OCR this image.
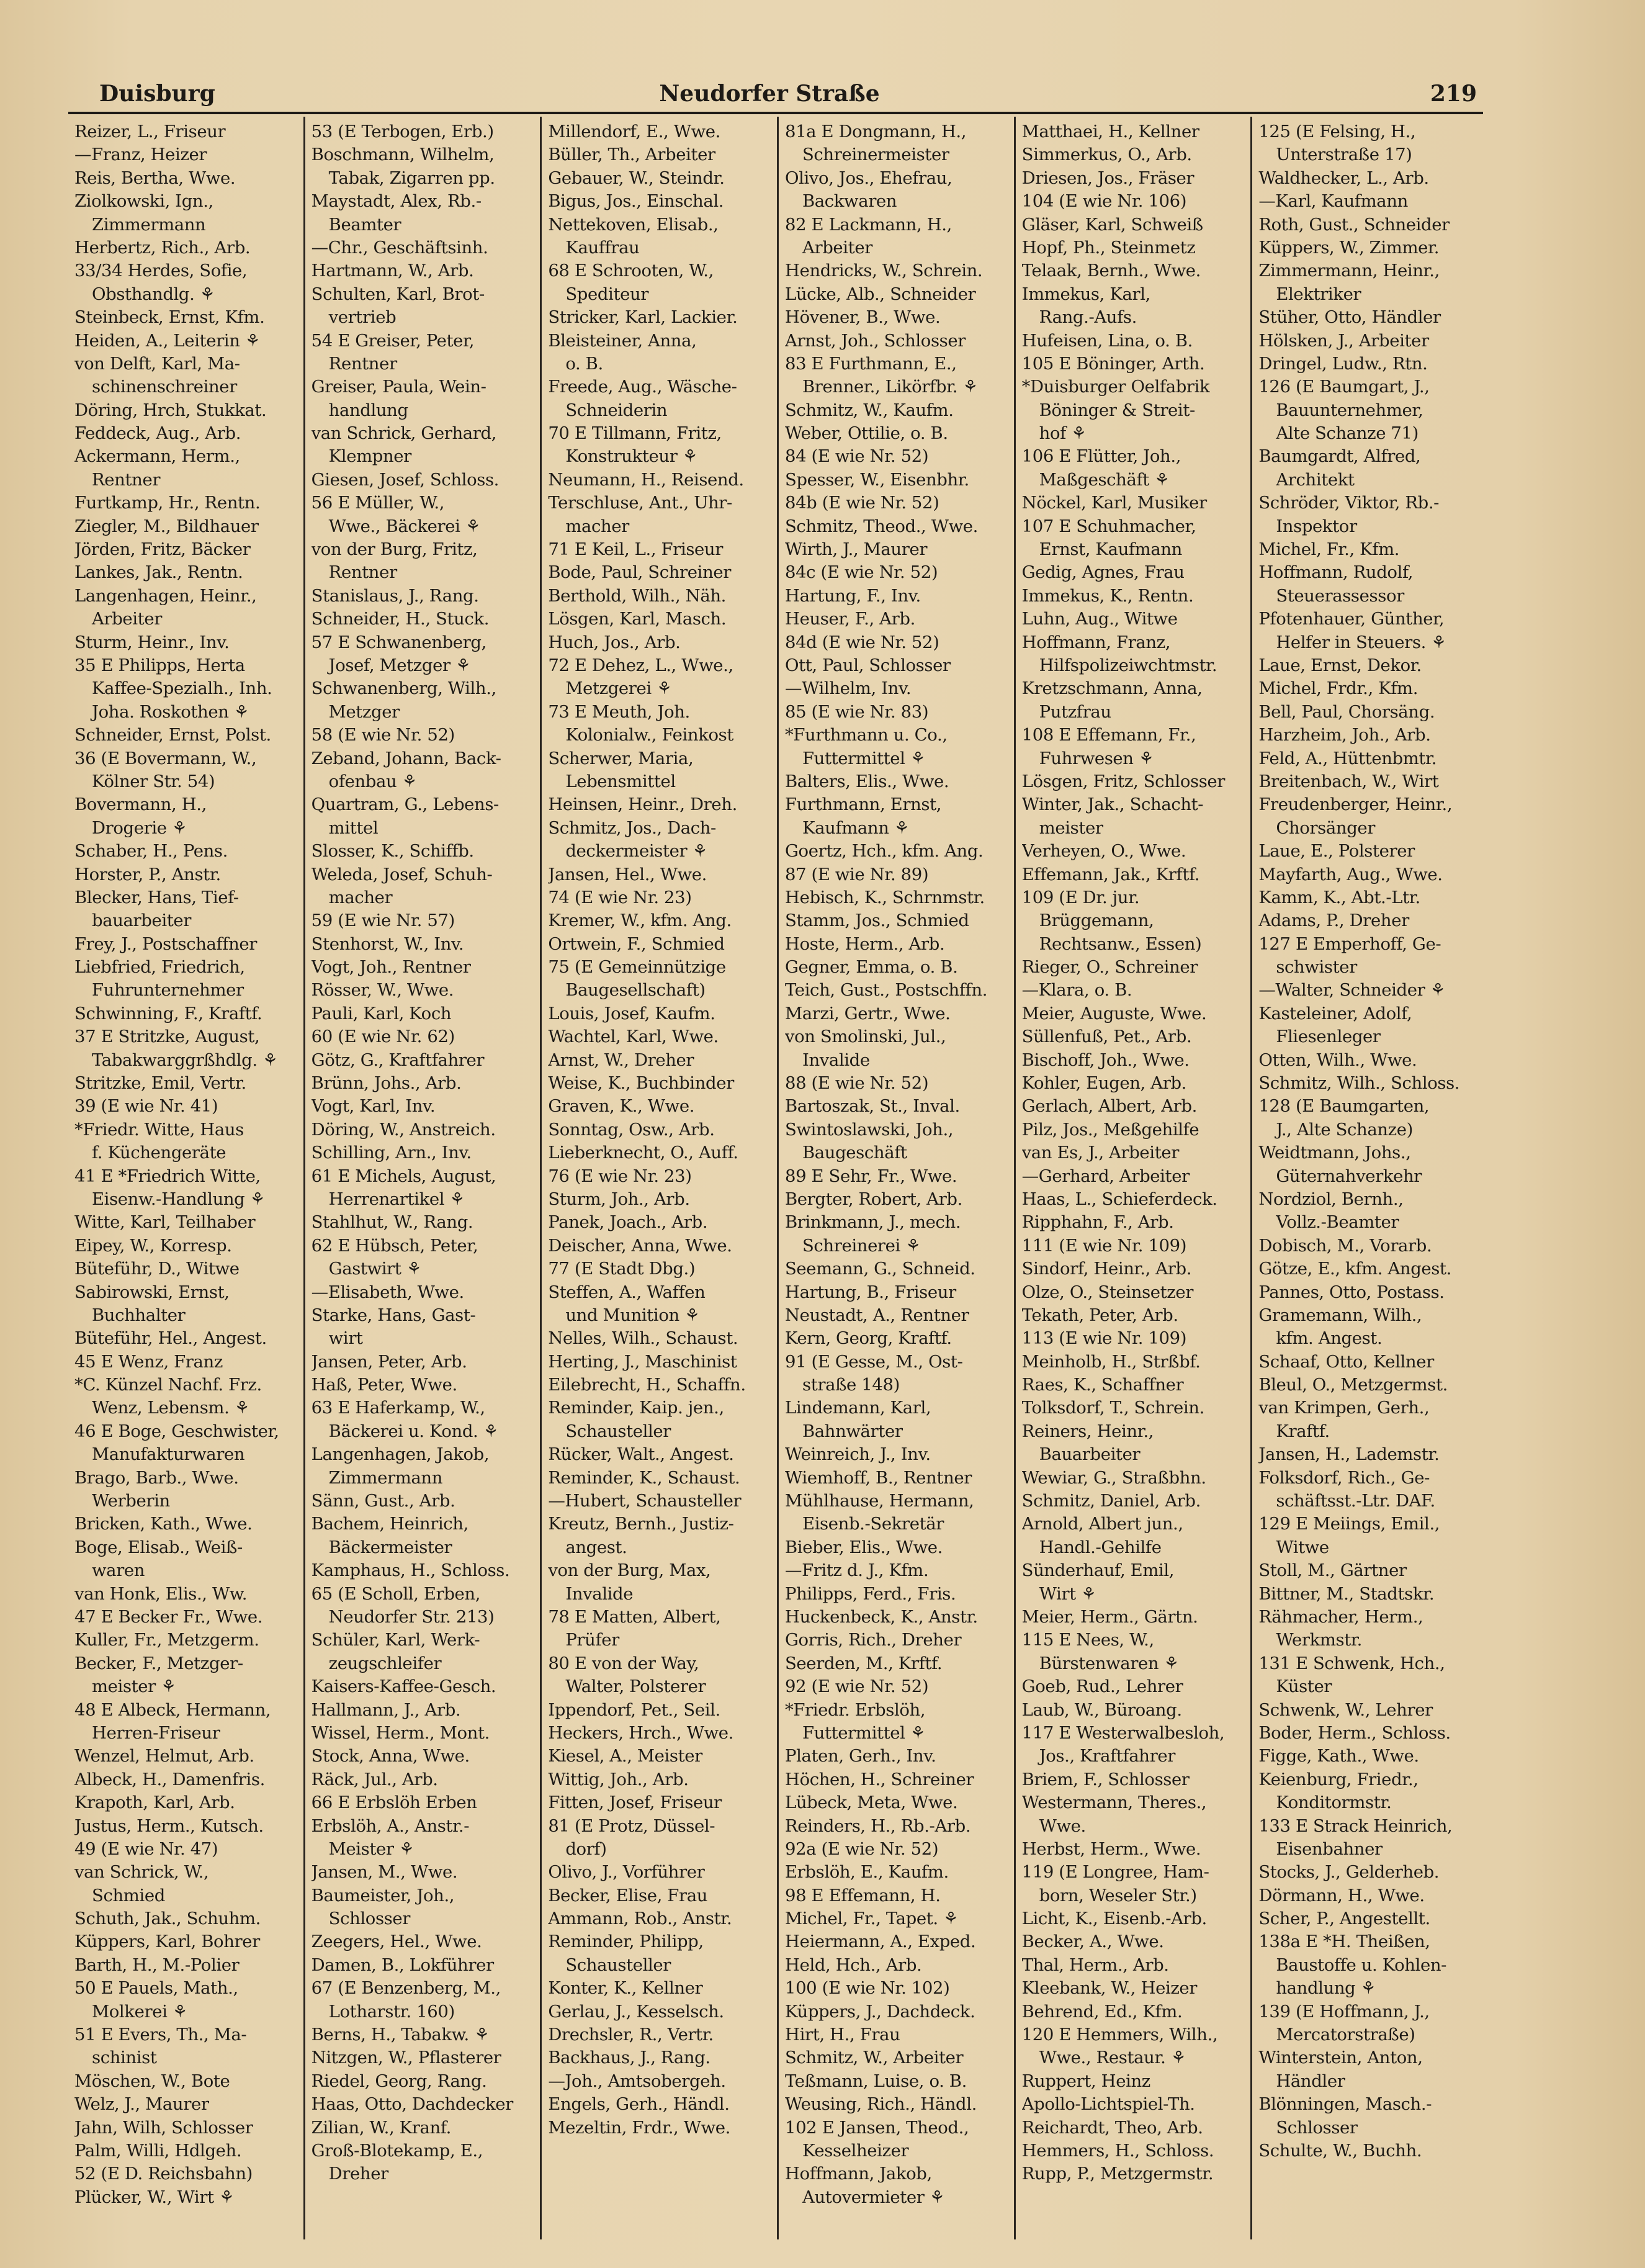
Duisburg	Neudorfer Straße	219
Reizer, L., Friseur
—Franz, Heizer
Reis, Bertha, Wwe.
Ziolkowski, Ign.,
Zimmermann
Herbertz, Rich., Arb.
33/34 Herdes, Sofie,
Obsthandlg. ⚘
Steinbeck, Ernst, Kfm.
Heiden, A., Leiterin ⚘
von Delft, Karl, Ma-
schinenschreiner
Döring, Hrch, Stukkat.
Feddeck, Aug., Arb.
Ackermann, Herm.,
Rentner
Furtkamp, Hr., Rentn.
Ziegler, M., Bildhauer
Jörden, Fritz, Bäcker
Lankes, Jak., Rentn.
Langenhagen, Heinr.,
Arbeiter
Sturm, Heinr., Inv.
35 E Philipps, Herta
Kaffee-Spezialh., Inh.
Joha. Roskothen ⚘
Schneider, Ernst, Polst.
36 (E Bovermann, W.,
Kölner Str. 54)
Bovermann, H.,
Drogerie ⚘
Schaber, H., Pens.
Horster, P., Anstr.
Blecker, Hans, Tief-
bauarbeiter
Frey, J., Postschaffner
Liebfried, Friedrich,
Fuhrunternehmer
Schwinning, F., Kraftf.
37 E Stritzke, August,
Tabakwarggrßhdlg. ⚘
Stritzke, Emil, Vertr.
39 (E wie Nr. 41)
*Friedr. Witte, Haus
f. Küchengeräte
41 E *Friedrich Witte,
Eisenw.-Handlung ⚘
Witte, Karl, Teilhaber
Eipey, W., Korresp.
Büteführ, D., Witwe
Sabirowski, Ernst,
Buchhalter
Büteführ, Hel., Angest.
45 E Wenz, Franz
*C. Künzel Nachf. Frz.
Wenz, Lebensm. ⚘
46 E Boge, Geschwister,
Manufakturwaren
Brago, Barb., Wwe.
Werberin
Bricken, Kath., Wwe.
Boge, Elisab., Weiß-
waren
van Honk, Elis., Ww.
47 E Becker Fr., Wwe.
Kuller, Fr., Metzgerm.
Becker, F., Metzger-
meister ⚘
48 E Albeck, Hermann,
Herren-Friseur
Wenzel, Helmut, Arb.
Albeck, H., Damenfris.
Krapoth, Karl, Arb.
Justus, Herm., Kutsch.
49 (E wie Nr. 47)
van Schrick, W.,
Schmied
Schuth, Jak., Schuhm.
Küppers, Karl, Bohrer
Barth, H., M.-Polier
50 E Pauels, Math.,
Molkerei ⚘
51 E Evers, Th., Ma-
schinist
Möschen, W., Bote
Welz, J., Maurer
Jahn, Wilh, Schlosser
Palm, Willi, Hdlgeh.
52 (E D. Reichsbahn)
Plücker, W., Wirt ⚘
53 (E Terbogen, Erb.)
Boschmann, Wilhelm,
Tabak, Zigarren pp.
Maystadt, Alex, Rb.-
Beamter
—Chr., Geschäftsinh.
Hartmann, W., Arb.
Schulten, Karl, Brot-
vertrieb
54 E Greiser, Peter,
Rentner
Greiser, Paula, Wein-
handlung
van Schrick, Gerhard,
Klempner
Giesen, Josef, Schloss.
56 E Müller, W.,
Wwe., Bäckerei ⚘
von der Burg, Fritz,
Rentner
Stanislaus, J., Rang.
Schneider, H., Stuck.
57 E Schwanenberg,
Josef, Metzger ⚘
Schwanenberg, Wilh.,
Metzger
58 (E wie Nr. 52)
Zeband, Johann, Back-
ofenbau ⚘
Quartram, G., Lebens-
mittel
Slosser, K., Schiffb.
Weleda, Josef, Schuh-
macher
59 (E wie Nr. 57)
Stenhorst, W., Inv.
Vogt, Joh., Rentner
Rösser, W., Wwe.
Pauli, Karl, Koch
60 (E wie Nr. 62)
Götz, G., Kraftfahrer
Brünn, Johs., Arb.
Vogt, Karl, Inv.
Döring, W., Anstreich.
Schilling, Arn., Inv.
61 E Michels, August,
Herrenartikel ⚘
Stahlhut, W., Rang.
62 E Hübsch, Peter,
Gastwirt ⚘
—Elisabeth, Wwe.
Starke, Hans, Gast-
wirt
Jansen, Peter, Arb.
Haß, Peter, Wwe.
63 E Haferkamp, W.,
Bäckerei u. Kond. ⚘
Langenhagen, Jakob,
Zimmermann
Sänn, Gust., Arb.
Bachem, Heinrich,
Bäckermeister
Kamphaus, H., Schloss.
65 (E Scholl, Erben,
Neudorfer Str. 213)
Schüler, Karl, Werk-
zeugschleifer
Kaisers-Kaffee-Gesch.
Hallmann, J., Arb.
Wissel, Herm., Mont.
Stock, Anna, Wwe.
Räck, Jul., Arb.
66 E Erbslöh Erben
Erbslöh, A., Anstr.-
Meister ⚘
Jansen, M., Wwe.
Baumeister, Joh.,
Schlosser
Zeegers, Hel., Wwe.
Damen, B., Lokführer
67 (E Benzenberg, M.,
Lotharstr. 160)
Berns, H., Tabakw. ⚘
Nitzgen, W., Pflasterer
Riedel, Georg, Rang.
Haas, Otto, Dachdecker
Zilian, W., Kranf.
Groß-Blotekamp, E.,
Dreher
Millendorf, E., Wwe.
Büller, Th., Arbeiter
Gebauer, W., Steindr.
Bigus, Jos., Einschal.
Nettekoven, Elisab.,
Kauffrau
68 E Schrooten, W.,
Spediteur
Stricker, Karl, Lackier.
Bleisteiner, Anna,
o. B.
Freede, Aug., Wäsche-
Schneiderin
70 E Tillmann, Fritz,
Konstrukteur ⚘
Neumann, H., Reisend.
Terschluse, Ant., Uhr-
macher
71 E Keil, L., Friseur
Bode, Paul, Schreiner
Berthold, Wilh., Näh.
Lösgen, Karl, Masch.
Huch, Jos., Arb.
72 E Dehez, L., Wwe.,
Metzgerei ⚘
73 E Meuth, Joh.
Kolonialw., Feinkost
Scherwer, Maria,
Lebensmittel
Heinsen, Heinr., Dreh.
Schmitz, Jos., Dach-
deckermeister ⚘
Jansen, Hel., Wwe.
74 (E wie Nr. 23)
Kremer, W., kfm. Ang.
Ortwein, F., Schmied
75 (E Gemeinnützige
Baugesellschaft)
Louis, Josef, Kaufm.
Wachtel, Karl, Wwe.
Arnst, W., Dreher
Weise, K., Buchbinder
Graven, K., Wwe.
Sonntag, Osw., Arb.
Lieberknecht, O., Auff.
76 (E wie Nr. 23)
Sturm, Joh., Arb.
Panek, Joach., Arb.
Deischer, Anna, Wwe.
77 (E Stadt Dbg.)
Steffen, A., Waffen
und Munition ⚘
Nelles, Wilh., Schaust.
Herting, J., Maschinist
Eilebrecht, H., Schaffn.
Reminder, Kaip. jen.,
Schausteller
Rücker, Walt., Angest.
Reminder, K., Schaust.
—Hubert, Schausteller
Kreutz, Bernh., Justiz-
angest.
von der Burg, Max,
Invalide
78 E Matten, Albert,
Prüfer
80 E von der Way,
Walter, Polsterer
Ippendorf, Pet., Seil.
Heckers, Hrch., Wwe.
Kiesel, A., Meister
Wittig, Joh., Arb.
Fitten, Josef, Friseur
81 (E Protz, Düssel-
dorf)
Olivo, J., Vorführer
Becker, Elise, Frau
Ammann, Rob., Anstr.
Reminder, Philipp,
Schausteller
Konter, K., Kellner
Gerlau, J., Kesselsch.
Drechsler, R., Vertr.
Backhaus, J., Rang.
—Joh., Amtsobergeh.
Engels, Gerh., Händl.
Mezeltin, Frdr., Wwe.
81a E Dongmann, H.,
Schreinermeister
Olivo, Jos., Ehefrau,
Backwaren
82 E Lackmann, H.,
Arbeiter
Hendricks, W., Schrein.
Lücke, Alb., Schneider
Hövener, B., Wwe.
Arnst, Joh., Schlosser
83 E Furthmann, E.,
Brenner., Likörfbr. ⚘
Schmitz, W., Kaufm.
Weber, Ottilie, o. B.
84 (E wie Nr. 52)
Spesser, W., Eisenbhr.
84b (E wie Nr. 52)
Schmitz, Theod., Wwe.
Wirth, J., Maurer
84c (E wie Nr. 52)
Hartung, F., Inv.
Heuser, F., Arb.
84d (E wie Nr. 52)
Ott, Paul, Schlosser
—Wilhelm, Inv.
85 (E wie Nr. 83)
*Furthmann u. Co.,
Futtermittel ⚘
Balters, Elis., Wwe.
Furthmann, Ernst,
Kaufmann ⚘
Goertz, Hch., kfm. Ang.
87 (E wie Nr. 89)
Hebisch, K., Schrnmstr.
Stamm, Jos., Schmied
Hoste, Herm., Arb.
Gegner, Emma, o. B.
Teich, Gust., Postschffn.
Marzi, Gertr., Wwe.
von Smolinski, Jul.,
Invalide
88 (E wie Nr. 52)
Bartoszak, St., Inval.
Swintoslawski, Joh.,
Baugeschäft
89 E Sehr, Fr., Wwe.
Bergter, Robert, Arb.
Brinkmann, J., mech.
Schreinerei ⚘
Seemann, G., Schneid.
Hartung, B., Friseur
Neustadt, A., Rentner
Kern, Georg, Kraftf.
91 (E Gesse, M., Ost-
straße 148)
Lindemann, Karl,
Bahnwärter
Weinreich, J., Inv.
Wiemhoff, B., Rentner
Mühlhause, Hermann,
Eisenb.-Sekretär
Bieber, Elis., Wwe.
—Fritz d. J., Kfm.
Philipps, Ferd., Fris.
Huckenbeck, K., Anstr.
Gorris, Rich., Dreher
Seerden, M., Krftf.
92 (E wie Nr. 52)
*Friedr. Erbslöh,
Futtermittel ⚘
Platen, Gerh., Inv.
Höchen, H., Schreiner
Lübeck, Meta, Wwe.
Reinders, H., Rb.-Arb.
92a (E wie Nr. 52)
Erbslöh, E., Kaufm.
98 E Effemann, H.
Michel, Fr., Tapet. ⚘
Heiermann, A., Exped.
Held, Hch., Arb.
100 (E wie Nr. 102)
Küppers, J., Dachdeck.
Hirt, H., Frau
Schmitz, W., Arbeiter
Teßmann, Luise, o. B.
Weusing, Rich., Händl.
102 E Jansen, Theod.,
Kesselheizer
Hoffmann, Jakob,
Autovermieter ⚘
Matthaei, H., Kellner
Simmerkus, O., Arb.
Driesen, Jos., Fräser
104 (E wie Nr. 106)
Gläser, Karl, Schweiß
Hopf, Ph., Steinmetz
Telaak, Bernh., Wwe.
Immekus, Karl,
Rang.-Aufs.
Hufeisen, Lina, o. B.
105 E Böninger, Arth.
*Duisburger Oelfabrik
Böninger & Streit-
hof ⚘
106 E Flütter, Joh.,
Maßgeschäft ⚘
Nöckel, Karl, Musiker
107 E Schuhmacher,
Ernst, Kaufmann
Gedig, Agnes, Frau
Immekus, K., Rentn.
Luhn, Aug., Witwe
Hoffmann, Franz,
Hilfspolizeiwchtmstr.
Kretzschmann, Anna,
Putzfrau
108 E Effemann, Fr.,
Fuhrwesen ⚘
Lösgen, Fritz, Schlosser
Winter, Jak., Schacht-
meister
Verheyen, O., Wwe.
Effemann, Jak., Krftf.
109 (E Dr. jur.
Brüggemann,
Rechtsanw., Essen)
Rieger, O., Schreiner
—Klara, o. B.
Meier, Auguste, Wwe.
Süllenfuß, Pet., Arb.
Bischoff, Joh., Wwe.
Kohler, Eugen, Arb.
Gerlach, Albert, Arb.
Pilz, Jos., Meßgehilfe
van Es, J., Arbeiter
—Gerhard, Arbeiter
Haas, L., Schieferdeck.
Ripphahn, F., Arb.
111 (E wie Nr. 109)
Sindorf, Heinr., Arb.
Olze, O., Steinsetzer
Tekath, Peter, Arb.
113 (E wie Nr. 109)
Meinholb, H., Strßbf.
Raes, K., Schaffner
Tolksdorf, T., Schrein.
Reiners, Heinr.,
Bauarbeiter
Wewiar, G., Straßbhn.
Schmitz, Daniel, Arb.
Arnold, Albert jun.,
Handl.-Gehilfe
Sünderhauf, Emil,
Wirt ⚘
Meier, Herm., Gärtn.
115 E Nees, W.,
Bürstenwaren ⚘
Goeb, Rud., Lehrer
Laub, W., Büroang.
117 E Westerwalbesloh,
Jos., Kraftfahrer
Briem, F., Schlosser
Westermann, Theres.,
Wwe.
Herbst, Herm., Wwe.
119 (E Longree, Ham-
born, Weseler Str.)
Licht, K., Eisenb.-Arb.
Becker, A., Wwe.
Thal, Herm., Arb.
Kleebank, W., Heizer
Behrend, Ed., Kfm.
120 E Hemmers, Wilh.,
Wwe., Restaur. ⚘
Ruppert, Heinz
Apollo-Lichtspiel-Th.
Reichardt, Theo, Arb.
Hemmers, H., Schloss.
Rupp, P., Metzgermstr.
125 (E Felsing, H.,
Unterstraße 17)
Waldhecker, L., Arb.
—Karl, Kaufmann
Roth, Gust., Schneider
Küppers, W., Zimmer.
Zimmermann, Heinr.,
Elektriker
Stüher, Otto, Händler
Hölsken, J., Arbeiter
Dringel, Ludw., Rtn.
126 (E Baumgart, J.,
Bauunternehmer,
Alte Schanze 71)
Baumgardt, Alfred,
Architekt
Schröder, Viktor, Rb.-
Inspektor
Michel, Fr., Kfm.
Hoffmann, Rudolf,
Steuerassessor
Pfotenhauer, Günther,
Helfer in Steuers. ⚘
Laue, Ernst, Dekor.
Michel, Frdr., Kfm.
Bell, Paul, Chorsäng.
Harzheim, Joh., Arb.
Feld, A., Hüttenbmtr.
Breitenbach, W., Wirt
Freudenberger, Heinr.,
Chorsänger
Laue, E., Polsterer
Mayfarth, Aug., Wwe.
Kamm, K., Abt.-Ltr.
Adams, P., Dreher
127 E Emperhoff, Ge-
schwister
—Walter, Schneider ⚘
Kasteleiner, Adolf,
Fliesenleger
Otten, Wilh., Wwe.
Schmitz, Wilh., Schloss.
128 (E Baumgarten,
J., Alte Schanze)
Weidtmann, Johs.,
Güternahverkehr
Nordziol, Bernh.,
Vollz.-Beamter
Dobisch, M., Vorarb.
Götze, E., kfm. Angest.
Pannes, Otto, Postass.
Gramemann, Wilh.,
kfm. Angest.
Schaaf, Otto, Kellner
Bleul, O., Metzgermst.
van Krimpen, Gerh.,
Kraftf.
Jansen, H., Lademstr.
Folksdorf, Rich., Ge-
schäftsst.-Ltr. DAF.
129 E Meiings, Emil.,
Witwe
Stoll, M., Gärtner
Bittner, M., Stadtskr.
Rähmacher, Herm.,
Werkmstr.
131 E Schwenk, Hch.,
Küster
Schwenk, W., Lehrer
Boder, Herm., Schloss.
Figge, Kath., Wwe.
Keienburg, Friedr.,
Konditormstr.
133 E Strack Heinrich,
Eisenbahner
Stocks, J., Gelderheb.
Dörmann, H., Wwe.
Scher, P., Angestellt.
138a E *H. Theißen,
Baustoffe u. Kohlen-
handlung ⚘
139 (E Hoffmann, J.,
Mercatorstraße)
Winterstein, Anton,
Händler
Blönningen, Masch.-
Schlosser
Schulte, W., Buchh.
